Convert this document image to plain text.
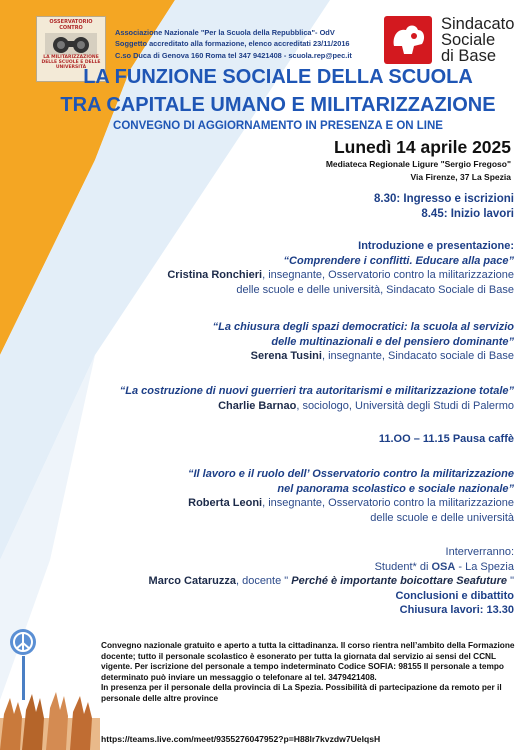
OSSERVATORIO CONTRO
LA MILITARIZZAZIONE DELLE SCUOLE E DELLE UNIVERSITÀ
Associazione Nazionale "Per la Scuola della Repubblica"- OdV
Soggetto accreditato alla formazione, elenco accreditati 23/11/2016
C.so Duca di Genova 160 Roma tel 347 9421408 - scuola.rep@pec.it
Sindacato
Sociale
di Base
LA FUNZIONE SOCIALE DELLA SCUOLA
TRA CAPITALE UMANO E MILITARIZZAZIONE
CONVEGNO DI AGGIORNAMENTO IN PRESENZA E ON LINE
Lunedì 14 aprile 2025
Mediateca Regionale Ligure "Sergio Fregoso"
Via Firenze, 37 La Spezia
8.30: Ingresso e iscrizioni
8.45: Inizio lavori
Introduzione e presentazione:
“Comprendere i conflitti. Educare alla pace”
Cristina Ronchieri, insegnante, Osservatorio contro la militarizzazione
delle scuole e delle università, Sindacato Sociale di Base
“La chiusura degli spazi democratici: la scuola al servizio
delle multinazionali e del pensiero dominante”
Serena Tusini, insegnante, Sindacato sociale di Base
“La costruzione di nuovi guerrieri tra autoritarismi e militarizzazione totale”
Charlie Barnao, sociologo, Università degli Studi di Palermo
11.OO – 11.15 Pausa caffè
“Il lavoro e il ruolo dell’ Osservatorio contro la militarizzazione
nel panorama scolastico e sociale nazionale”
Roberta Leoni, insegnante, Osservatorio contro la militarizzazione
delle scuole e delle università
Interverranno:
Student* di OSA - La Spezia
Marco Cataruzza, docente " Perché è importante boicottare Seafuture "
Conclusioni e dibattito
Chiusura lavori: 13.30

Convegno nazionale gratuito e aperto a tutta la cittadinanza. Il corso rientra nell’ambito della Formazione docente; tutto il personale scolastico è esonerato per tutta la giornata dal servizio ai sensi del CCNL vigente. Per iscrizione del personale a tempo indeterminato Codice SOFIA: 98155 Il personale a tempo determinato può inviare un messaggio o telefonare al tel. 3479421408.

In presenza per il personale della provincia di La Spezia. Possibilità di partecipazione da remoto per il personale delle altre province

https://teams.live.com/meet/9355276047952?p=H88lr7kvzdw7UeIqsH
